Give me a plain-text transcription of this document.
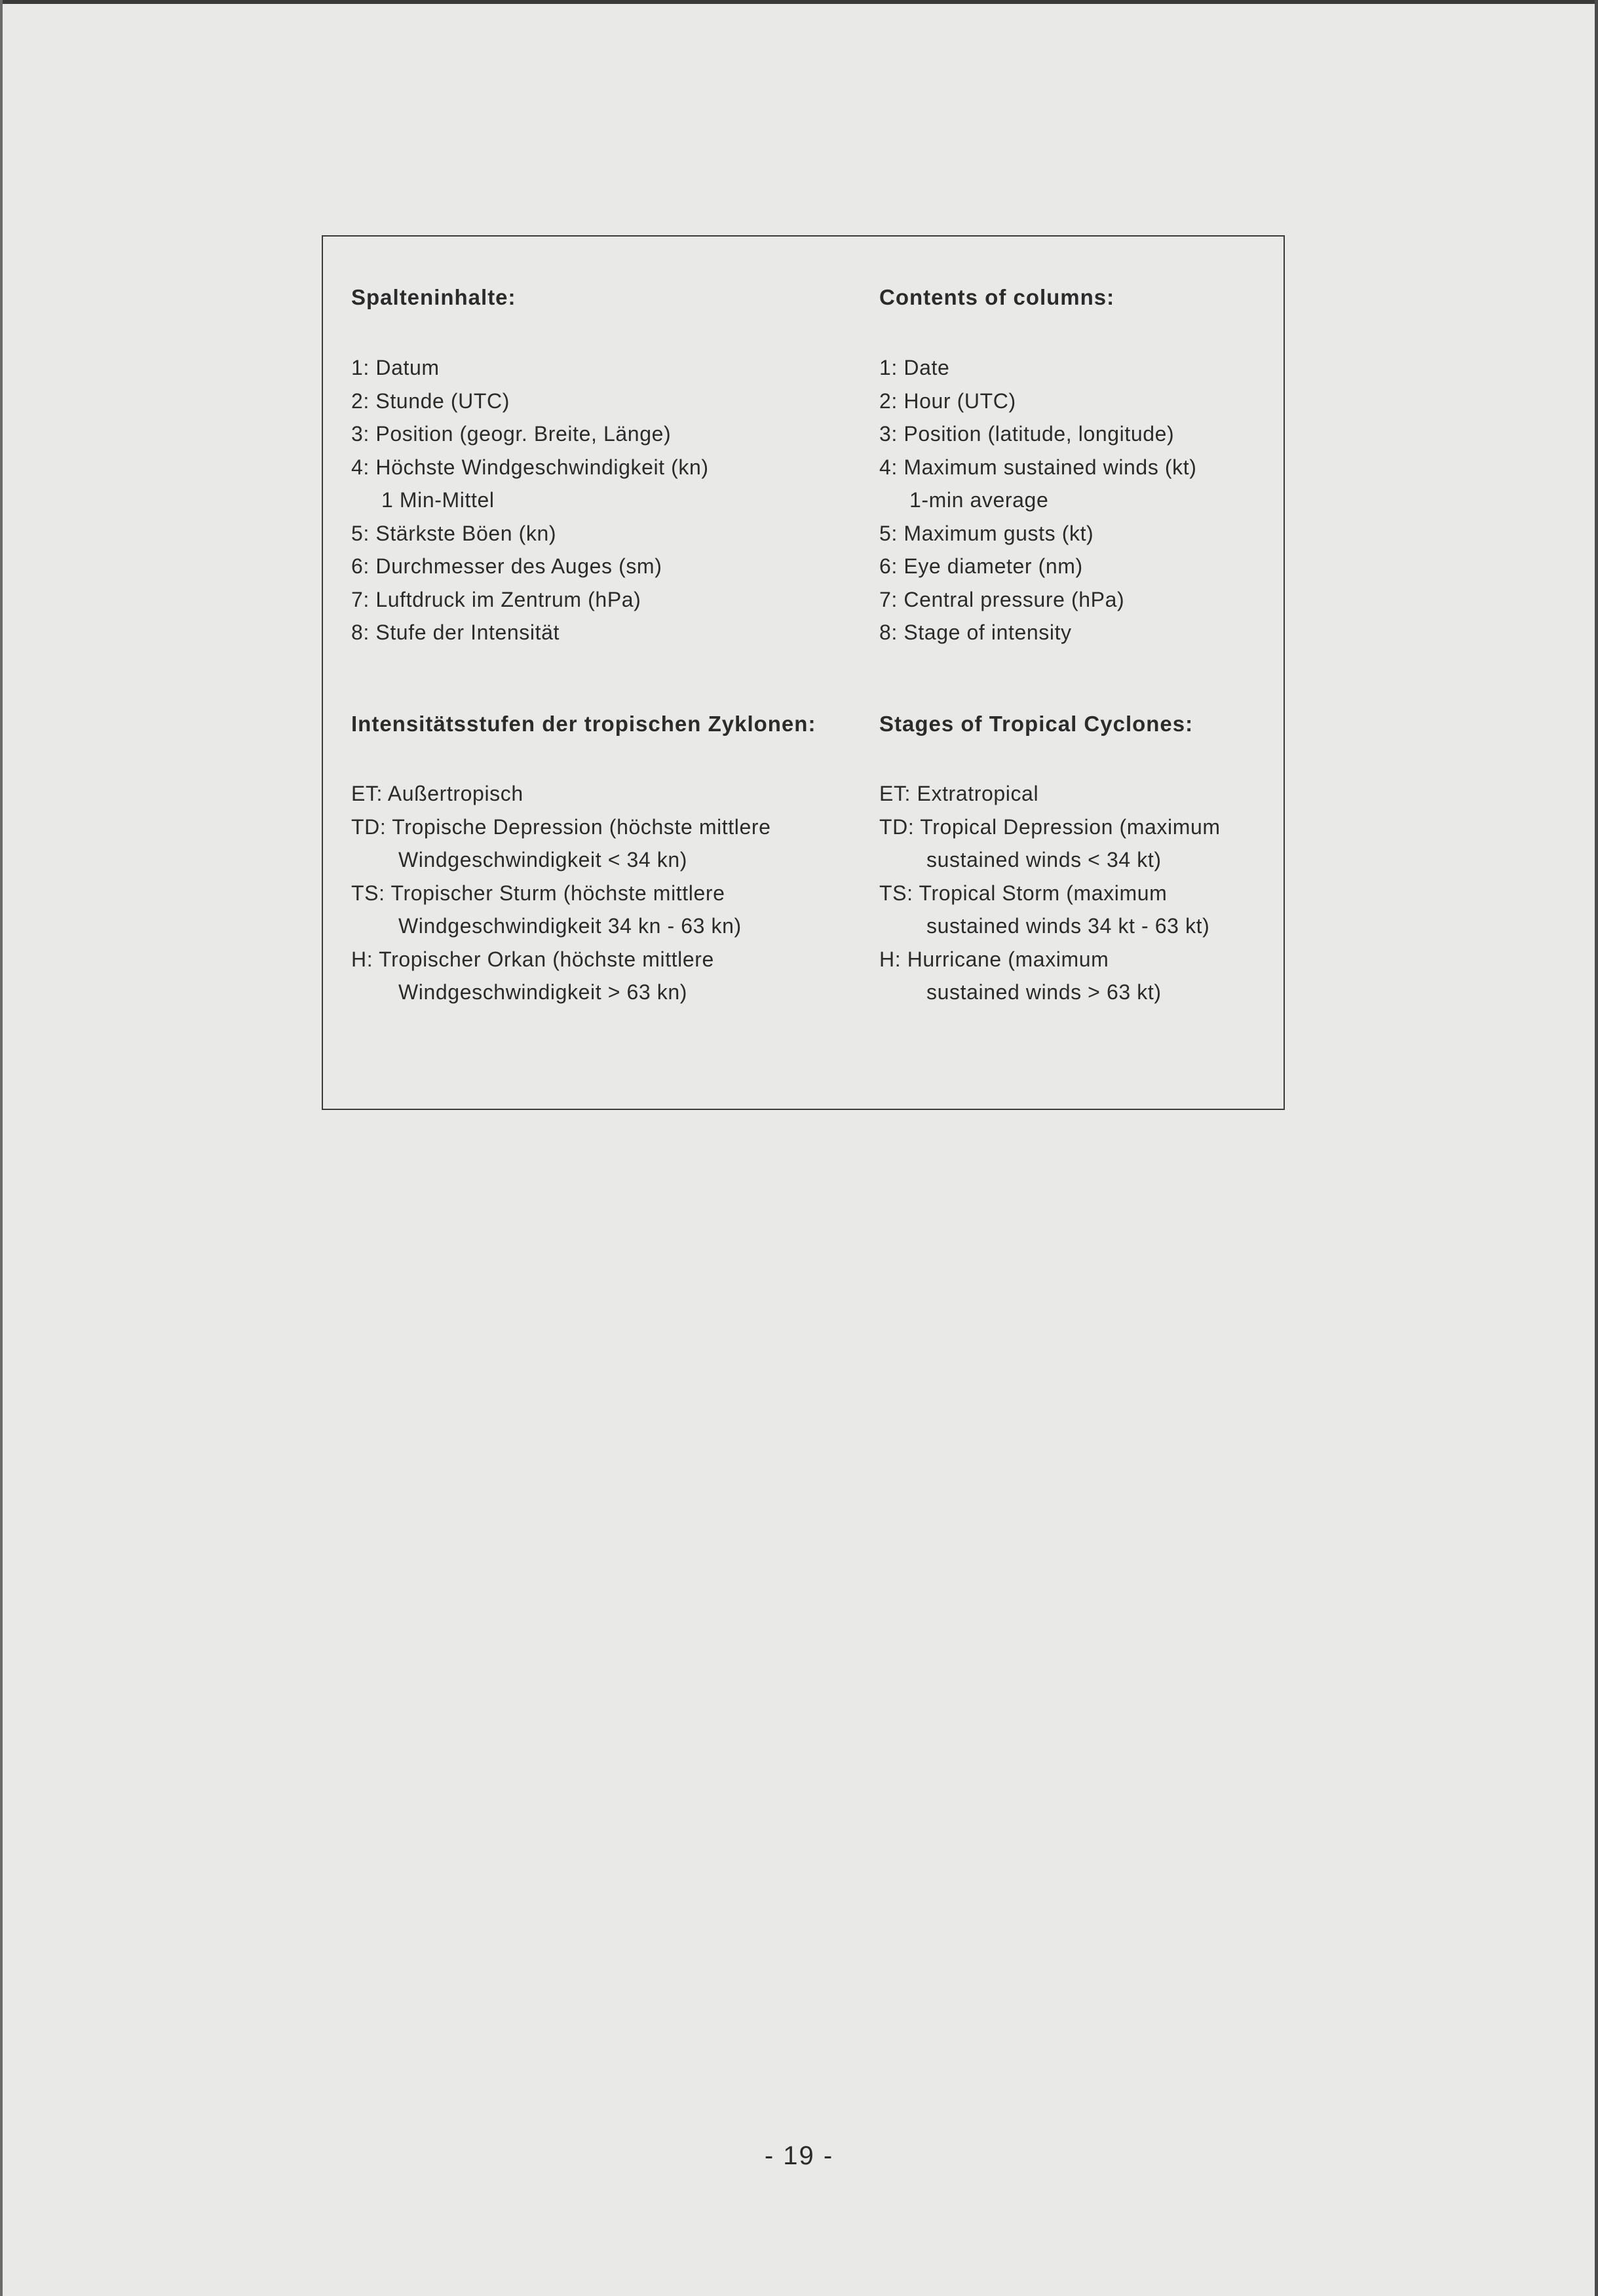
Spalteninhalte:
1: Datum
2: Stunde (UTC)
3: Position (geogr. Breite, Länge)
4: Höchste Windgeschwindigkeit (kn)
1 Min-Mittel
5: Stärkste Böen (kn)
6: Durchmesser des Auges (sm)
7: Luftdruck im Zentrum (hPa)
8: Stufe der Intensität
Intensitätsstufen der tropischen Zyklonen:
ET: Außertropisch
TD: Tropische Depression (höchste mittlere
Windgeschwindigkeit < 34 kn)
TS: Tropischer Sturm (höchste mittlere
Windgeschwindigkeit 34 kn - 63 kn)
H: Tropischer Orkan (höchste mittlere
Windgeschwindigkeit > 63 kn)
Contents of columns:
1: Date
2: Hour (UTC)
3: Position (latitude, longitude)
4: Maximum sustained winds (kt)
1-min average
5: Maximum gusts (kt)
6: Eye diameter (nm)
7: Central pressure (hPa)
8: Stage of intensity
Stages of Tropical Cyclones:
ET: Extratropical
TD: Tropical Depression (maximum
sustained winds < 34 kt)
TS: Tropical Storm (maximum
sustained winds 34 kt - 63 kt)
H: Hurricane (maximum
sustained winds > 63 kt)
- 19 -
